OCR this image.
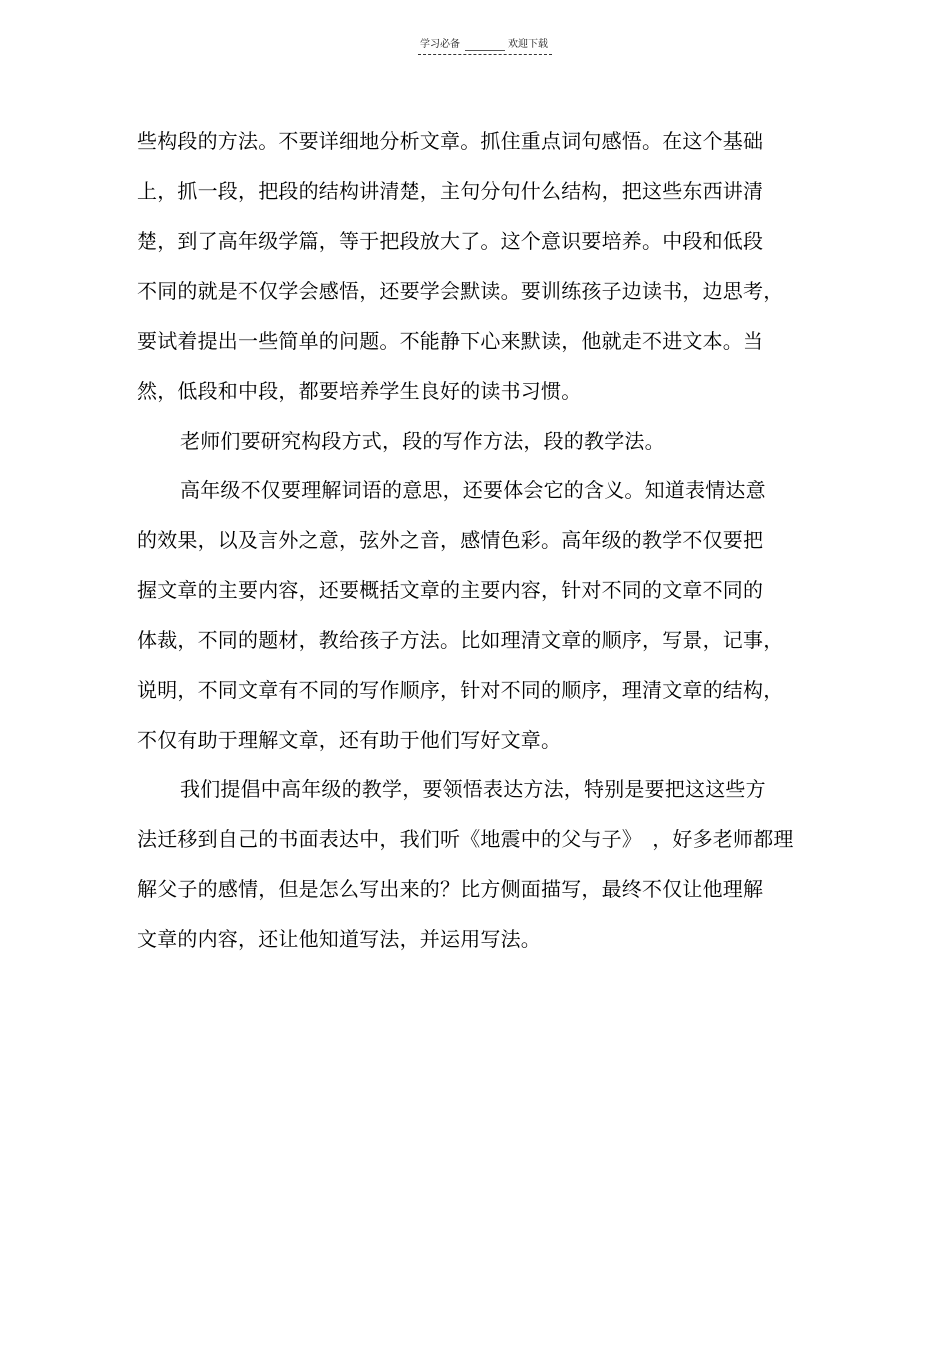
学习必备	欢迎下载
些构段的方法。不要详细地分析文章。抓住重点词句感悟。在这个基础
上，抓一段，把段的结构讲清楚，主句分句什么结构，把这些东西讲清
楚，到了高年级学篇，等于把段放大了。这个意识要培养。中段和低段
不同的就是不仅学会感悟，还要学会默读。要训练孩子边读书，边思考，
要试着提出一些简单的问题。不能静下心来默读，他就走不进文本。当
然，低段和中段，都要培养学生良好的读书习惯。
老师们要研究构段方式，段的写作方法，段的教学法。
高年级不仅要理解词语的意思，还要体会它的含义。知道表情达意
的效果，以及言外之意，弦外之音，感情色彩。高年级的教学不仅要把
握文章的主要内容，还要概括文章的主要内容，针对不同的文章不同的
体裁，不同的题材，教给孩子方法。比如理清文章的顺序，写景，记事，
说明，不同文章有不同的写作顺序，针对不同的顺序，理清文章的结构，
不仅有助于理解文章，还有助于他们写好文章。
我们提倡中高年级的教学，要领悟表达方法，特别是要把这这些方
法迁移到自己的书面表达中，我们听《地震中的父与子》　，好多老师都理
解父子的感情，但是怎么写出来的？比方侧面描写，最终不仅让他理解
文章的内容，还让他知道写法，并运用写法。
